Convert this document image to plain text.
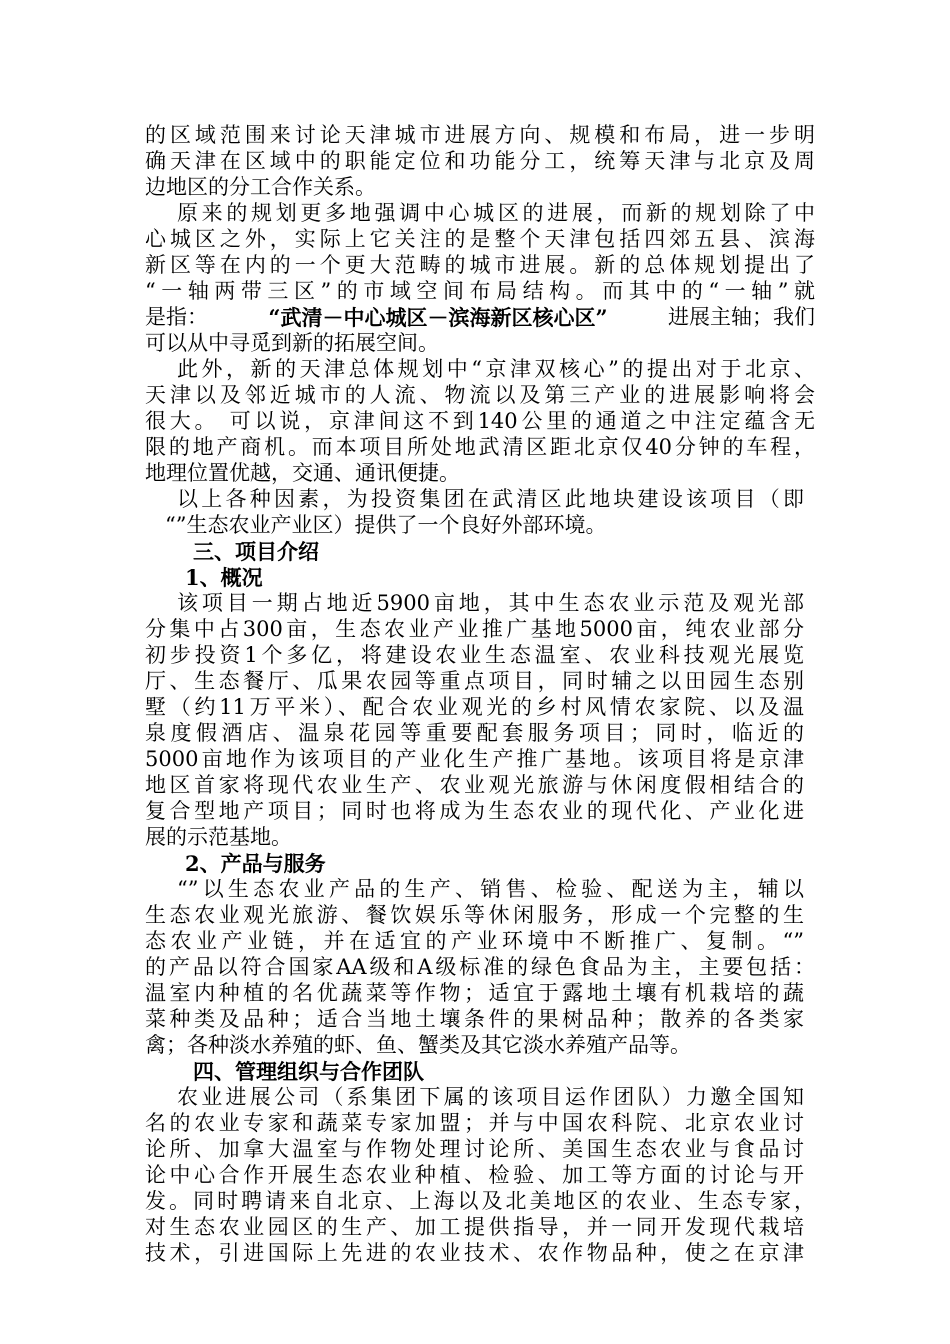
的区域范围来讨论天津城市进展方向、规模和布局，进一步明
确天津在区域中的职能定位和功能分工，统筹天津与北京及周
边地区的分工合作关系。
原来的规划更多地强调中心城区的进展，而新的规划除了中
心城区之外，实际上它关注的是整个天津包括四郊五县、滨海
新区等在内的一个更大范畴的城市进展。新的总体规划提出了
“一轴两带三区”的市域空间布局结构。而其中的“一轴”就
是指：	“武清－中心城区－滨海新区核心区”	进展主轴；我们
可以从中寻觅到新的拓展空间。
此外，新的天津总体规划中“京津双核心”的提出对于北京、
天津以及邻近城市的人流、物流以及第三产业的进展影响将会
很大。 可以说，京津间这不到140公里的通道之中注定蕴含无
限的地产商机。而本项目所处地武清区距北京仅40分钟的车程，
地理位置优越，交通、通讯便捷。
以上各种因素，为投资集团在武清区此地块建设该项目（即
“”生态农业产业区）提供了一个良好外部环境。
三、项目介绍
1、概况
该项目一期占地近5900亩地，其中生态农业示范及观光部
分集中占300亩，生态农业产业推广基地5000亩，纯农业部分
初步投资1个多亿，将建设农业生态温室、农业科技观光展览
厅、生态餐厅、瓜果农园等重点项目，同时辅之以田园生态别
墅（约11万平米）、配合农业观光的乡村风情农家院、以及温
泉度假酒店、温泉花园等重要配套服务项目；同时，临近的
5000亩地作为该项目的产业化生产推广基地。该项目将是京津
地区首家将现代农业生产、农业观光旅游与休闲度假相结合的
复合型地产项目；同时也将成为生态农业的现代化、产业化进
展的示范基地。
2、产品与服务
“”以生态农业产品的生产、销售、检验、配送为主，辅以
生态农业观光旅游、餐饮娱乐等休闲服务，形成一个完整的生
态农业产业链，并在适宜的产业环境中不断推广、复制。“”
的产品以符合国家AA级和A级标准的绿色食品为主，主要包括：
温室内种植的名优蔬菜等作物；适宜于露地土壤有机栽培的蔬
菜种类及品种；适合当地土壤条件的果树品种；散养的各类家
禽；各种淡水养殖的虾、鱼、蟹类及其它淡水养殖产品等。
四、管理组织与合作团队
农业进展公司（系集团下属的该项目运作团队）力邀全国知
名的农业专家和蔬菜专家加盟；并与中国农科院、北京农业讨
论所、加拿大温室与作物处理讨论所、美国生态农业与食品讨
论中心合作开展生态农业种植、检验、加工等方面的讨论与开
发。同时聘请来自北京、上海以及北美地区的农业、生态专家，
对生态农业园区的生产、加工提供指导，并一同开发现代栽培
技术，引进国际上先进的农业技术、农作物品种，使之在京津
